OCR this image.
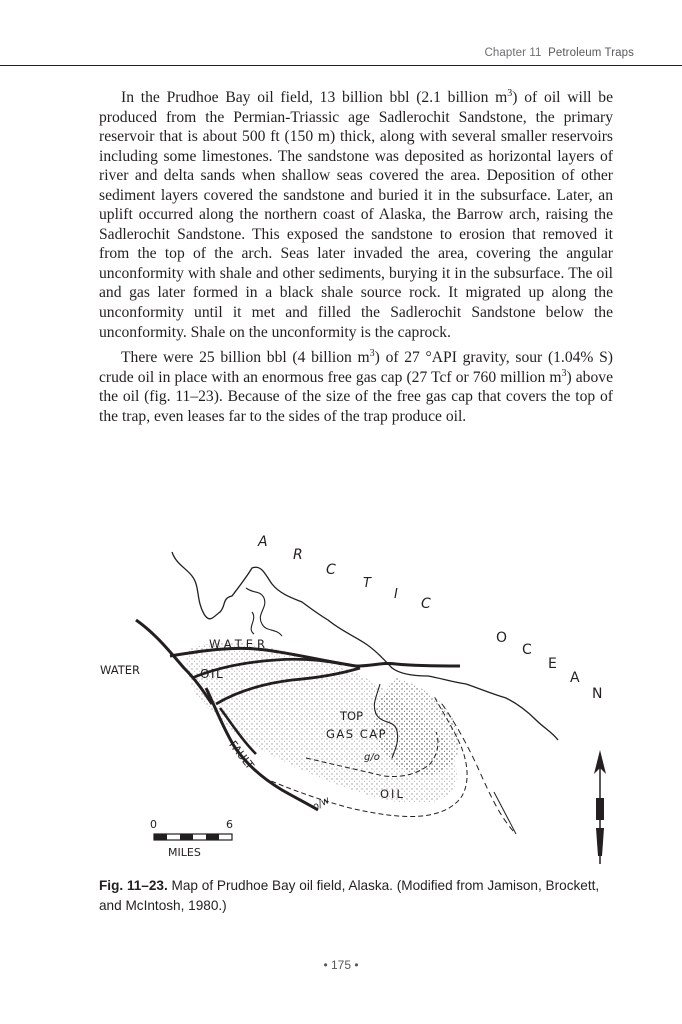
Chapter 11 Petroleum Traps

In the Prudhoe Bay oil field, 13 billion bbl (2.1 billion $m^3$) of oil will be produced from the Permian-Triassic age Sadlerochit Sandstone, the primary reservoir that is about 500 ft (150 m) thick, along with several smaller reservoirs including some limestones. The sandstone was deposited as horizontal layers of river and delta sands when shallow seas covered the area. Deposition of other sediment layers covered the sandstone and buried it in the subsurface. Later, an uplift occurred along the northern coast of Alaska, the Barrow arch, raising the Sadlerochit Sandstone. This exposed the sandstone to erosion that removed it from the top of the arch. Seas later invaded the area, covering the angular unconformity with shale and other sediments, burying it in the subsurface. The oil and gas later formed in a black shale source rock. It migrated up along the unconformity until it met and filled the Sadlerochit Sandstone below the unconformity. Shale on the unconformity is the caprock.

There were 25 billion bbl (4 billion $m^3$) of 27 °API gravity, sour (1.04% S) crude oil in place with an enormous free gas cap (27 Tcf or 760 million $m^3$) above the oil (fig. 11–23). Because of the size of the free gas cap that covers the top of the trap, even leases far to the sides of the trap produce oil.

A
R
C
T
I
C
O
C
E
A
N
WATER
WATER
OIL
TOP
GAS CAP
g/o
OIL
o/w
FAULT
0	6
MILES
Fig. 11–23. Map of Prudhoe Bay oil field, Alaska. (Modified from Jamison, Brockett, and McIntosh, 1980.)
• 175 •
